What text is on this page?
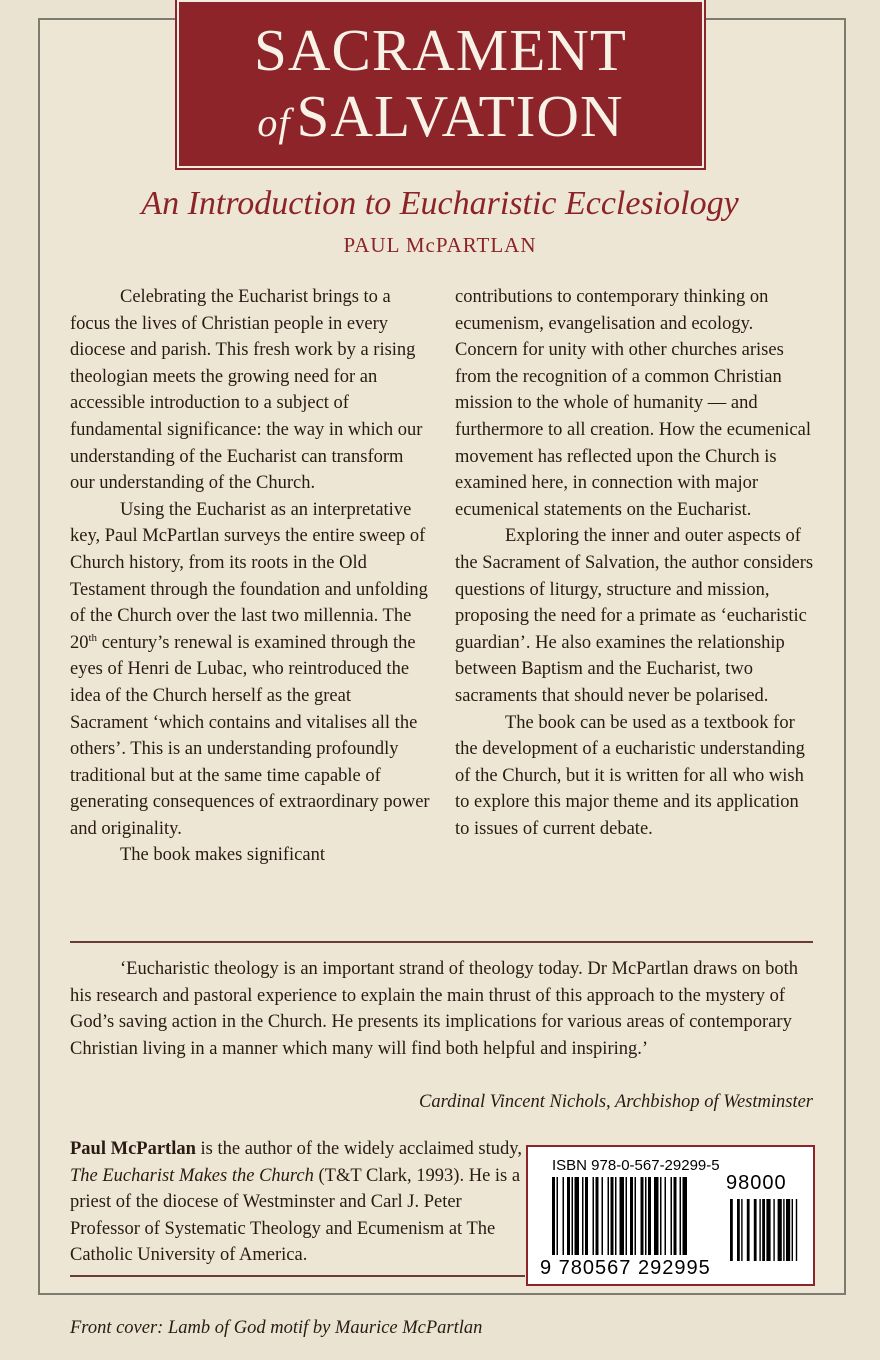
SACRAMENT
of SALVATION
An Introduction to Eucharistic Ecclesiology
PAUL McPARTLAN

Celebrating the Eucharist brings to a focus the lives of Christian people in every diocese and parish. This fresh work by a rising theologian meets the growing need for an accessible introduction to a subject of fundamental significance: the way in which our understanding of the Eucharist can transform our understanding of the Church.

Using the Eucharist as an interpretative key, Paul McPartlan surveys the entire sweep of Church history, from its roots in the Old Testament through the foundation and unfolding of the Church over the last two millennia. The 20th century’s renewal is examined through the eyes of Henri de Lubac, who reintroduced the idea of the Church herself as the great Sacrament ‘which contains and vitalises all the others’. This is an understanding profoundly traditional but at the same time capable of generating consequences of extraordinary power and originality.

The book makes significant

contributions to contemporary thinking on ecumenism, evangelisation and ecology. Concern for unity with other churches arises from the recognition of a common Christian mission to the whole of humanity — and furthermore to all creation. How the ecumenical movement has reflected upon the Church is examined here, in connection with major ecumenical statements on the Eucharist.

Exploring the inner and outer aspects of the Sacrament of Salvation, the author considers questions of liturgy, structure and mission, proposing the need for a primate as ‘eucharistic guardian’. He also examines the relationship between Baptism and the Eucharist, two sacraments that should never be polarised.

The book can be used as a textbook for the development of a eucharistic understanding of the Church, but it is written for all who wish to explore this major theme and its application to issues of current debate.

‘Eucharistic theology is an important strand of theology today. Dr McPartlan draws on both his research and pastoral experience to explain the main thrust of this approach to the mystery of God’s saving action in the Church. He presents its implications for various areas of contemporary Christian living in a manner which many will find both helpful and inspiring.’
Cardinal Vincent Nichols, Archbishop of Westminster
Paul McPartlan is the author of the widely acclaimed study, The Eucharist Makes the Church (T&T Clark, 1993). He is a priest of the diocese of Westminster and Carl J. Peter Professor of Systematic Theology and Ecumenism at The Catholic University of America.
ISBN 978-0-567-29299-5
98000
9 780567 292995
Front cover: Lamb of God motif by Maurice McPartlan
